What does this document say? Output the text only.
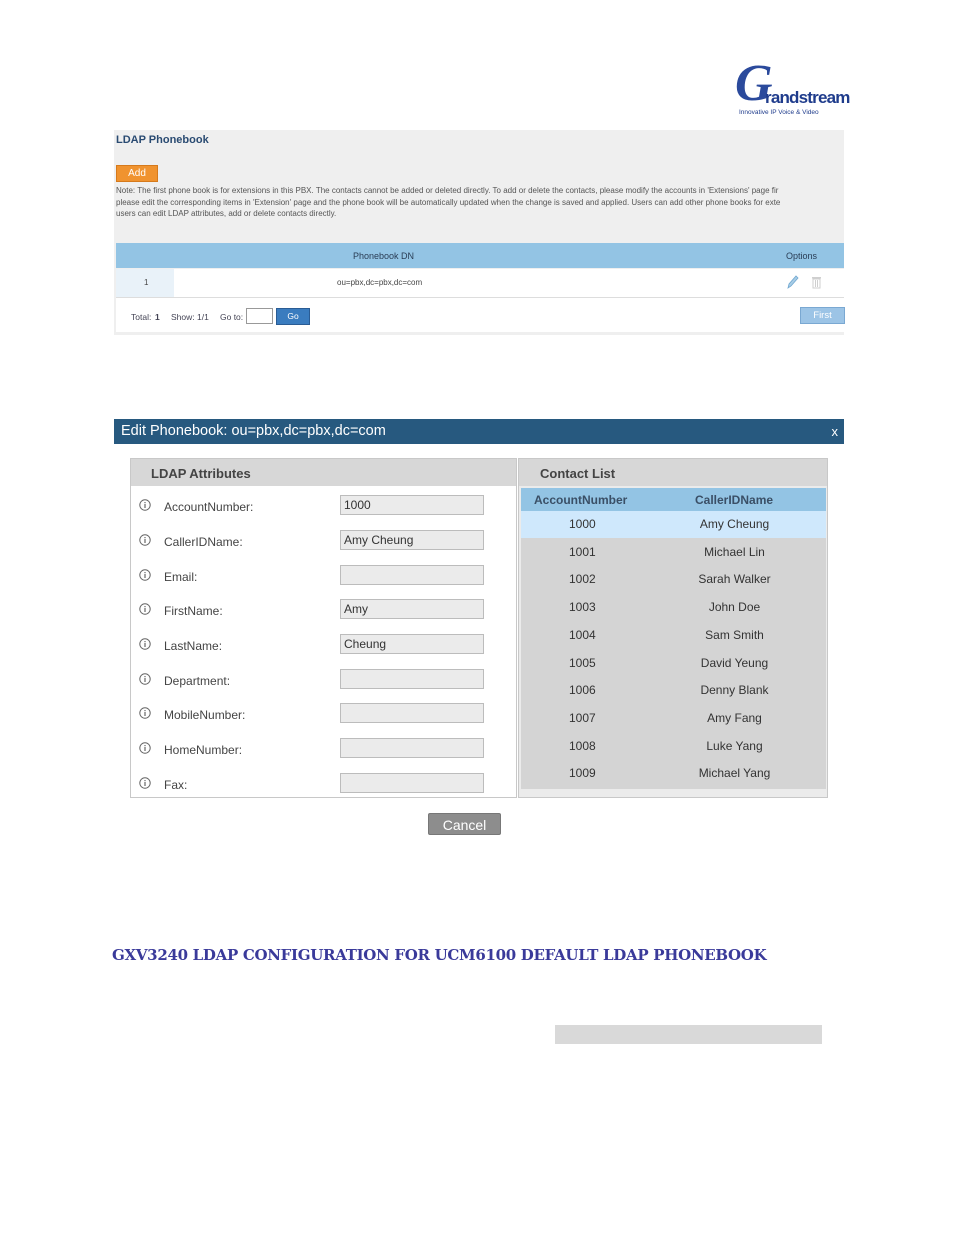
G
randstream
Innovative IP Voice & Video
LDAP Phonebook
Add
Note: The first phone book is for extensions in this PBX. The contacts cannot be added or deleted directly. To add or delete the contacts, please modify the accounts in 'Extensions' page fir
please edit the corresponding items in 'Extension' page and the phone book will be automatically updated when the change is saved and applied. Users can add other phone books for exte
users can edit LDAP attributes, add or delete contacts directly.
Phonebook DN	Options
1	ou=pbx,dc=pbx,dc=com
Total: 1 Show: 1/1 Go to:	Go	First
Edit Phonebook: ou=pbx,dc=pbx,dc=com	x
LDAP Attributes
AccountNumber:	1000
CallerIDName:	Amy Cheung
Email:
FirstName:	Amy
LastName:	Cheung
Department:
MobileNumber:
HomeNumber:
Fax:
Contact List
AccountNumber	CallerIDName
1000	Amy Cheung
1001	Michael Lin
1002	Sarah Walker
1003	John Doe
1004	Sam Smith
1005	David Yeung
1006	Denny Blank
1007	Amy Fang
1008	Luke Yang
1009	Michael Yang
Cancel
GXV3240 LDAP CONFIGURATION FOR UCM6100 DEFAULT LDAP PHONEBOOK
